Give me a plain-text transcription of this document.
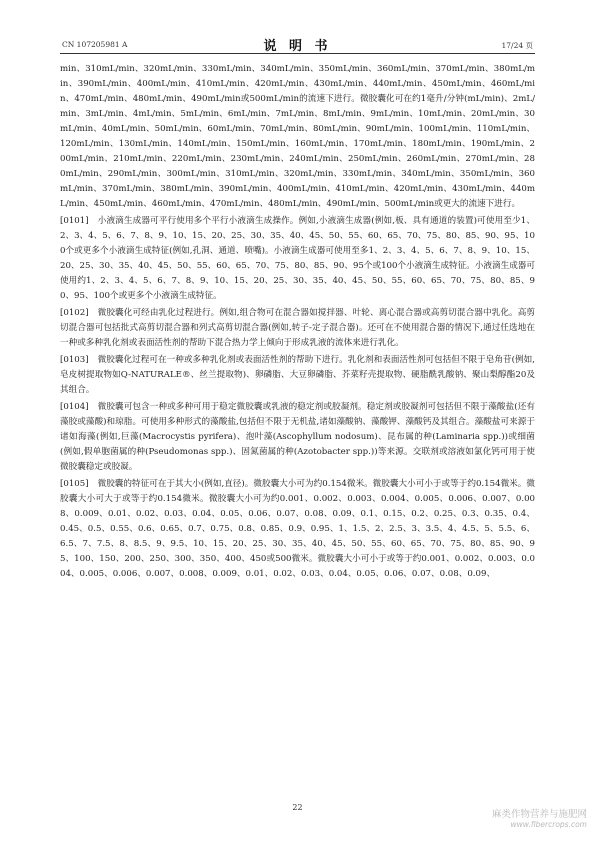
CN 107205981 A	说 明 书	17/24 页

min、310mL/min、320mL/min、330mL/min、340mL/min、350mL/min、360mL/min、370mL/min、380mL/min、390mL/min、400mL/min、410mL/min、420mL/min、430mL/min、440mL/min、450mL/min、460mL/min、470mL/min、480mL/min、490mL/min或500mL/min的流速下进行。微胶囊化可在约1毫升/分钟(mL/min)、2mL/min、3mL/min、4mL/min、5mL/min、6mL/min、7mL/min、8mL/min、9mL/min、10mL/min、20mL/min、30mL/min、40mL/min、50mL/min、60mL/min、70mL/min、80mL/min、90mL/min、100mL/min、110mL/min、120mL/min、130mL/min、140mL/min、150mL/min、160mL/min、170mL/min、180mL/min、190mL/min、200mL/min、210mL/min、220mL/min、230mL/min、240mL/min、250mL/min、260mL/min、270mL/min、280mL/min、290mL/min、300mL/min、310mL/min、320mL/min、330mL/min、340mL/min、350mL/min、360mL/min、370mL/min、380mL/min、390mL/min、400mL/min、410mL/min、420mL/min、430mL/min、440mL/min、450mL/min、460mL/min、470mL/min、480mL/min、490mL/min、500mL/min或更大的流速下进行。

[0101] 小液滴生成器可平行使用多个平行小液滴生成操作。例如,小液滴生成器(例如,板、具有通道的装置)可使用至少1、2、3、4、5、6、7、8、9、10、15、20、25、30、35、40、45、50、55、60、65、70、75、80、85、90、95、100个或更多个小液滴生成特征(例如,孔洞、通道、喷嘴)。小液滴生成器可使用至多1、2、3、4、5、6、7、8、9、10、15、20、25、30、35、40、45、50、55、60、65、70、75、80、85、90、95个或100个小液滴生成特征。小液滴生成器可使用约1、2、3、4、5、6、7、8、9、10、15、20、25、30、35、40、45、50、55、60、65、70、75、80、85、90、95、100个或更多个小液滴生成特征。

[0102] 微胶囊化可经由乳化过程进行。例如,组合物可在混合器如搅拌器、叶轮、离心混合器或高剪切混合器中乳化。高剪切混合器可包括批式高剪切混合器和列式高剪切混合器(例如,转子-定子混合器)。还可在不使用混合器的情况下,通过任选地在一种或多种乳化剂或表面活性剂的帮助下混合热力学上倾向于形成乳液的流体来进行乳化。

[0103] 微胶囊化过程可在一种或多种乳化剂或表面活性剂的帮助下进行。乳化剂和表面活性剂可包括但不限于皂角苷(例如,皂皮树提取物如Q-NATURALE®、丝兰提取物)、卵磷脂、大豆卵磷脂、芥菜籽壳提取物、硬脂酰乳酸钠、聚山梨醇酯20及其组合。

[0104] 微胶囊可包含一种或多种可用于稳定微胶囊或乳液的稳定剂或胶凝剂。稳定剂或胶凝剂可包括但不限于藻酸盐(还有藻胶或藻酸)和琼脂。可使用多种形式的藻酸盐,包括但不限于无机盐,诸如藻酸钠、藻酸钾、藻酸钙及其组合。藻酸盐可来源于诸如海藻(例如,巨藻(Macrocystis pyrifera)、泡叶藻(Ascophyllum nodosum)、昆布属的种(Laminaria spp.))或细菌(例如,假单胞菌属的种(Pseudomonas spp.)、固氮菌属的种(Azotobacter spp.))等来源。交联剂或溶液如氯化钙可用于使微胶囊稳定或胶凝。

[0105] 微胶囊的特征可在于其大小(例如,直径)。微胶囊大小可为约0.154微米。微胶囊大小可小于或等于约0.154微米。微胶囊大小可大于或等于约0.154微米。微胶囊大小可为约0.001、0.002、0.003、0.004、0.005、0.006、0.007、0.008、0.009、0.01、0.02、0.03、0.04、0.05、0.06、0.07、0.08、0.09、0.1、0.15、0.2、0.25、0.3、0.35、0.4、0.45、0.5、0.55、0.6、0.65、0.7、0.75、0.8、0.85、0.9、0.95、1、1.5、2、2.5、3、3.5、4、4.5、5、5.5、6、6.5、7、7.5、8、8.5、9、9.5、10、15、20、25、30、35、40、45、50、55、60、65、70、75、80、85、90、95、100、150、200、250、300、350、400、450或500微米。微胶囊大小可小于或等于约0.001、0.002、0.003、0.004、0.005、0.006、0.007、0.008、0.009、0.01、0.02、0.03、0.04、0.05、0.06、0.07、0.08、0.09、

22
麻类作物营养与施肥网
www.fibercrops.com
